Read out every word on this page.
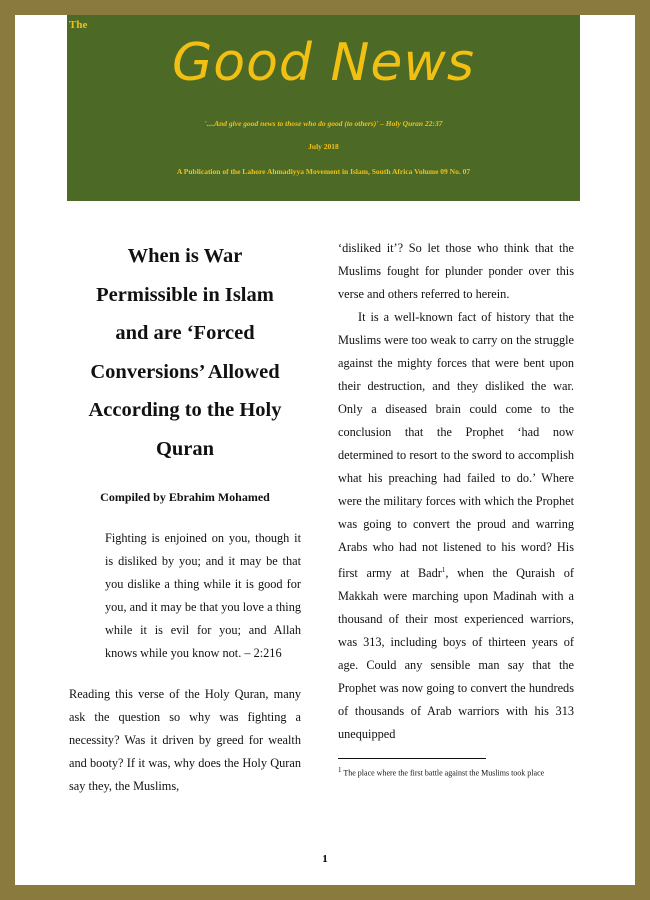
The
Good News
'....And give good news to those who do good (to others)' – Holy Quran 22:37
July 2018
A Publication of the Lahore Ahmadiyya Movement in Islam, South Africa Volume 09 No. 07
When is War
Permissible in Islam
and are ‘Forced
Conversions’ Allowed
According to the Holy
Quran
Compiled by Ebrahim Mohamed
Fighting is enjoined on you, though it is disliked by you; and it may be that you dislike a thing while it is good for you, and it may be that you love a thing while it is evil for you; and Allah knows while you know not. – 2:216
Reading this verse of the Holy Quran, many ask the question so why was fighting a necessity? Was it driven by greed for wealth and booty? If it was, why does the Holy Quran say they, the Muslims,

‘disliked it’? So let those who think that the Muslims fought for plunder ponder over this verse and others referred to herein.

It is a well-known fact of history that the Muslims were too weak to carry on the struggle against the mighty forces that were bent upon their destruction, and they disliked the war. Only a diseased brain could come to the conclusion that the Prophet ‘had now determined to resort to the sword to accomplish what his preaching had failed to do.’ Where were the military forces with which the Prophet was going to convert the proud and warring Arabs who had not listened to his word? His first army at Badr$^1$, when the Quraish of Makkah were marching upon Madinah with a thousand of their most experienced warriors, was 313, including boys of thirteen years of age. Could any sensible man say that the Prophet was now going to convert the hundreds of thousands of Arab warriors with his 313 unequipped

$^1$ The place where the first battle against the Muslims took place
1
